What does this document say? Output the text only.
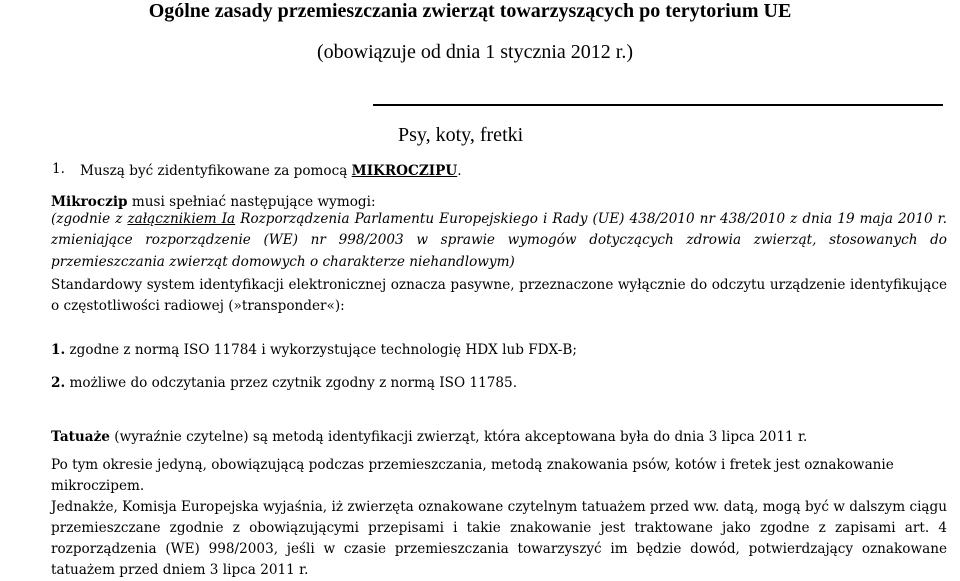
Ogólne zasady przemieszczania zwierząt towarzyszących po terytorium UE
(obowiązuje od dnia 1 stycznia 2012 r.)
Psy, koty, fretki
1. Muszą być zidentyfikowane za pomocą MIKROCZIPU.

Mikroczip musi spełniać następujące wymogi:

(zgodnie z załącznikiem Ia Rozporządzenia Parlamentu Europejskiego i Rady (UE) 438/2010 nr 438/2010 z dnia 19 maja 2010 r. zmieniające rozporządzenie (WE) nr 998/2003 w sprawie wymogów dotyczących zdrowia zwierząt, stosowanych do przemieszczania zwierząt domowych o charakterze niehandlowym)

Standardowy system identyfikacji elektronicznej oznacza pasywne, przeznaczone wyłącznie do odczytu urządzenie identyfikujące o częstotliwości radiowej (»transponder«):

1. zgodne z normą ISO 11784 i wykorzystujące technologię HDX lub FDX-B;

2. możliwe do odczytania przez czytnik zgodny z normą ISO 11785.

Tatuaże (wyraźnie czytelne) są metodą identyfikacji zwierząt, która akceptowana była do dnia 3 lipca 2011 r.

Po tym okresie jedyną, obowiązującą podczas przemieszczania, metodą znakowania psów, kotów i fretek jest oznakowanie mikroczipem.

Jednakże, Komisja Europejska wyjaśnia, iż zwierzęta oznakowane czytelnym tatuażem przed ww. datą, mogą być w dalszym ciągu przemieszczane zgodnie z obowiązującymi przepisami i takie znakowanie jest traktowane jako zgodne z zapisami art. 4 rozporządzenia (WE) 998/2003, jeśli w czasie przemieszczania towarzyszyć im będzie dowód, potwierdzający oznakowane tatuażem przed dniem 3 lipca 2011 r.
